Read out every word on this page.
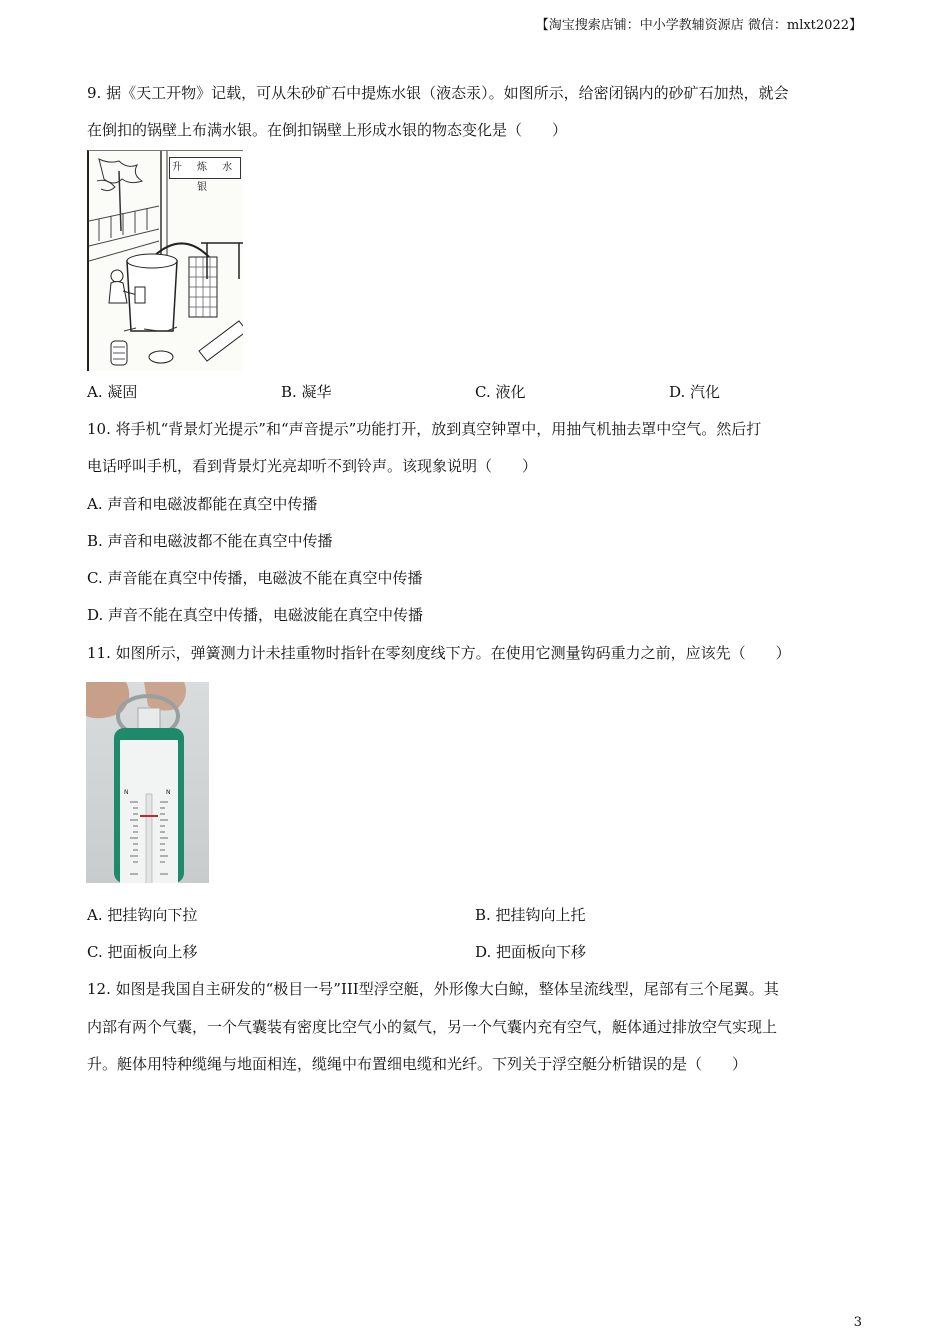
【淘宝搜索店铺：中小学教辅资源店 微信：mlxt2022】
9. 据《天工开物》记载，可从朱砂矿石中提炼水银（液态汞）。如图所示，给密闭锅内的砂矿石加热，就会
在倒扣的锅壁上布满水银。在倒扣锅壁上形成水银的物态变化是（　　）
升 炼 水 银
A. 凝固	B. 凝华	C. 液化	D. 汽化
10. 将手机“背景灯光提示”和“声音提示”功能打开，放到真空钟罩中，用抽气机抽去罩中空气。然后打
电话呼叫手机，看到背景灯光亮却听不到铃声。该现象说明（　　）
A. 声音和电磁波都能在真空中传播
B. 声音和电磁波都不能在真空中传播
C. 声音能在真空中传播，电磁波不能在真空中传播
D. 声音不能在真空中传播，电磁波能在真空中传播
11. 如图所示，弹簧测力计未挂重物时指针在零刻度线下方。在使用它测量钩码重力之前，应该先（　　）
N	N
A. 把挂钩向下拉	B. 把挂钩向上托
C. 把面板向上移	D. 把面板向下移
12. 如图是我国自主研发的“极目一号”III型浮空艇，外形像大白鲸，整体呈流线型，尾部有三个尾翼。其
内部有两个气囊，一个气囊装有密度比空气小的氦气，另一个气囊内充有空气，艇体通过排放空气实现上
升。艇体用特种缆绳与地面相连，缆绳中布置细电缆和光纤。下列关于浮空艇分析错误的是（　　）
3
